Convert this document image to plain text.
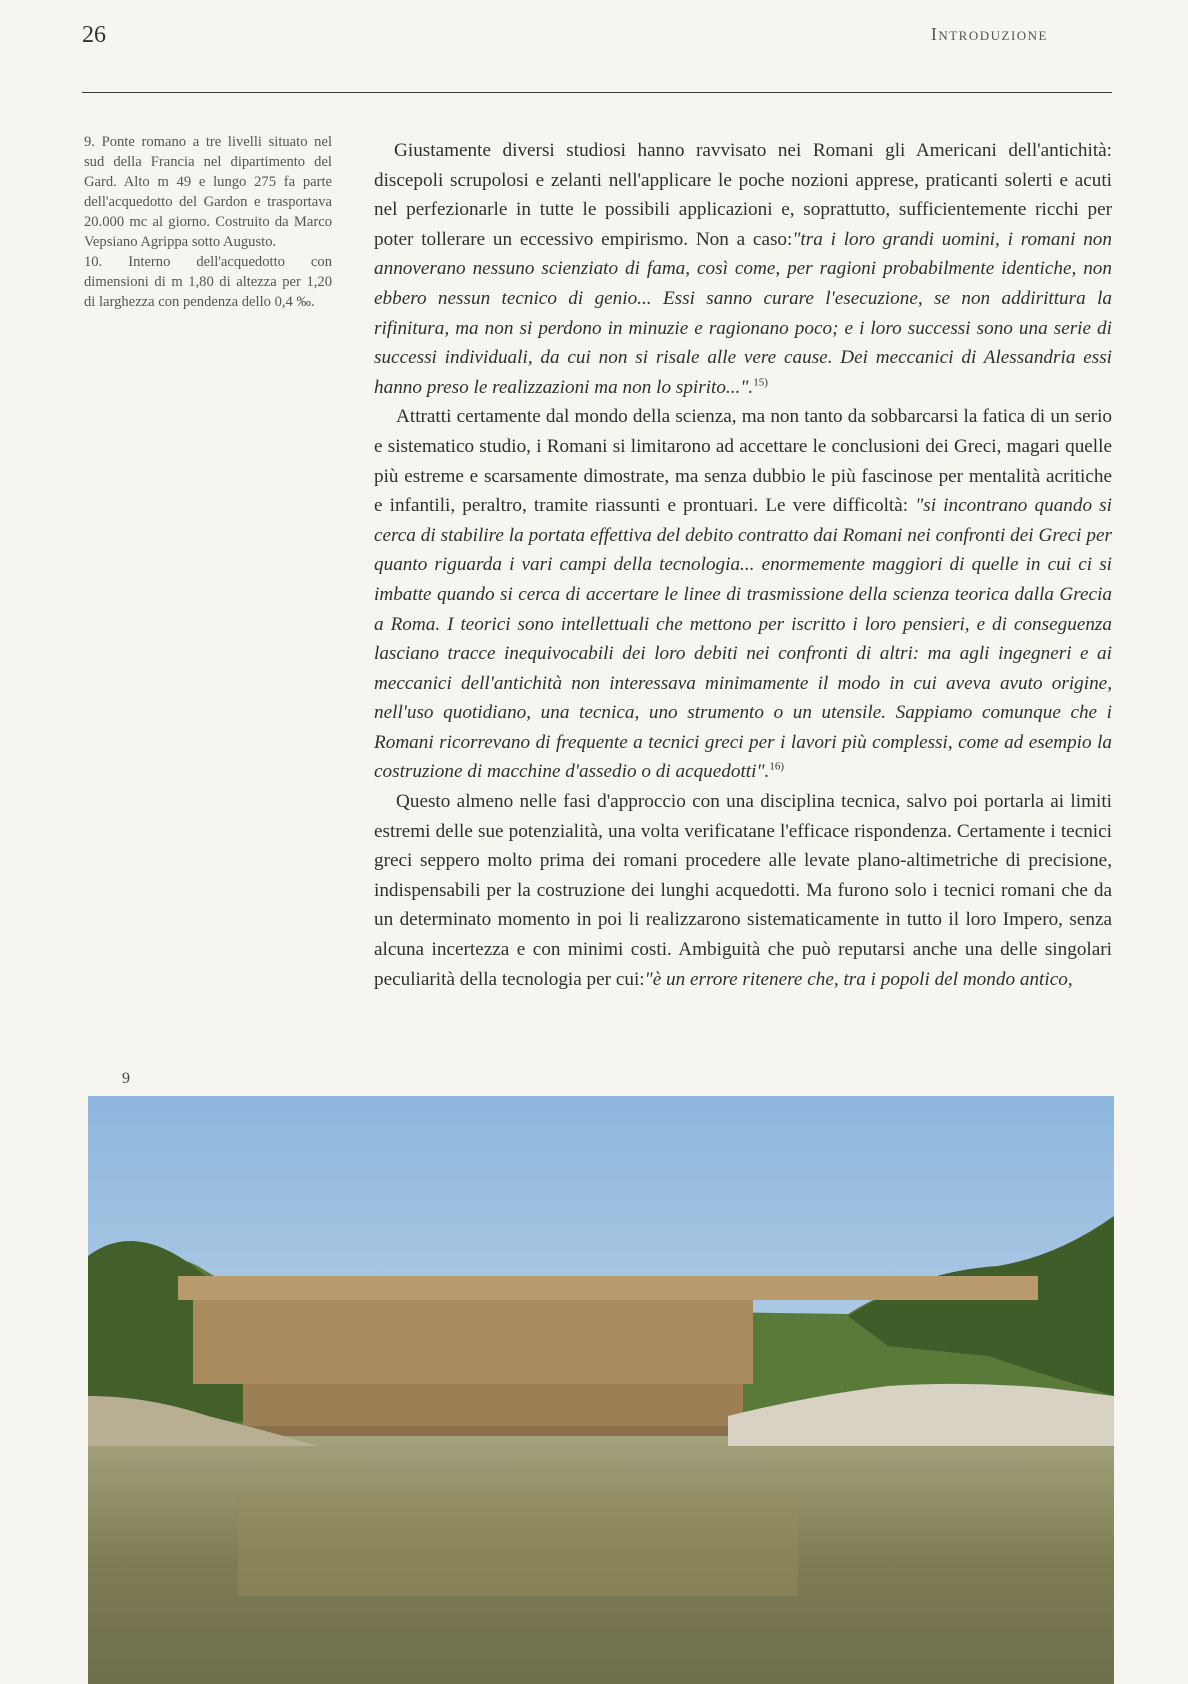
26	Introduzione

9. Ponte romano a tre livelli situato nel sud della Francia nel dipartimento del Gard. Alto m 49 e lungo 275 fa parte dell'acquedotto del Gardon e trasportava 20.000 mc al giorno. Costruito da Marco Vepsiano Agrippa sotto Augusto.

10. Interno dell'acquedotto con dimensioni di m 1,80 di altezza per 1,20 di larghezza con pendenza dello 0,4 ‰.

Giustamente diversi studiosi hanno ravvisato nei Romani gli Americani dell'antichità: discepoli scrupolosi e zelanti nell'applicare le poche nozioni apprese, praticanti solerti e acuti nel perfezionarle in tutte le possibili applicazioni e, soprattutto, sufficientemente ricchi per poter tollerare un eccessivo empirismo. Non a caso:"tra i loro grandi uomini, i romani non annoverano nessuno scienziato di fama, così come, per ragioni probabilmente identiche, non ebbero nessun tecnico di genio... Essi sanno curare l'esecuzione, se non addirittura la rifinitura, ma non si perdono in minuzie e ragionano poco; e i loro successi sono una serie di successi individuali, da cui non si risale alle vere cause. Dei meccanici di Alessandria essi hanno preso le realizzazioni ma non lo spirito...".$^{15)}$

Attratti certamente dal mondo della scienza, ma non tanto da sobbarcarsi la fatica di un serio e sistematico studio, i Romani si limitarono ad accettare le conclusioni dei Greci, magari quelle più estreme e scarsamente dimostrate, ma senza dubbio le più fascinose per mentalità acritiche e infantili, peraltro, tramite riassunti e prontuari. Le vere difficoltà: "si incontrano quando si cerca di stabilire la portata effettiva del debito contratto dai Romani nei confronti dei Greci per quanto riguarda i vari campi della tecnologia... enormemente maggiori di quelle in cui ci si imbatte quando si cerca di accertare le linee di trasmissione della scienza teorica dalla Grecia a Roma. I teorici sono intellettuali che mettono per iscritto i loro pensieri, e di conseguenza lasciano tracce inequivocabili dei loro debiti nei confronti di altri: ma agli ingegneri e ai meccanici dell'antichità non interessava minimamente il modo in cui aveva avuto origine, nell'uso quotidiano, una tecnica, uno strumento o un utensile. Sappiamo comunque che i Romani ricorrevano di frequente a tecnici greci per i lavori più complessi, come ad esempio la costruzione di macchine d'assedio o di acquedotti".$^{16)}$

Questo almeno nelle fasi d'approccio con una disciplina tecnica, salvo poi portarla ai limiti estremi delle sue potenzialità, una volta verificatane l'efficace rispondenza. Certamente i tecnici greci seppero molto prima dei romani procedere alle levate plano-altimetriche di precisione, indispensabili per la costruzione dei lunghi acquedotti. Ma furono solo i tecnici romani che da un determinato momento in poi li realizzarono sistematicamente in tutto il loro Impero, senza alcuna incertezza e con minimi costi. Ambiguità che può reputarsi anche una delle singolari peculiarità della tecnologia per cui:"è un errore ritenere che, tra i popoli del mondo antico,

9
